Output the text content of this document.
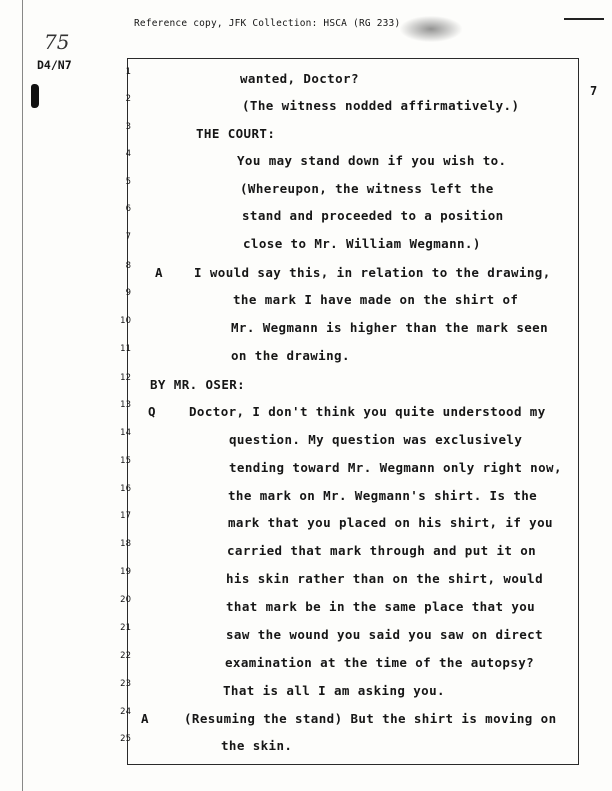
Reference copy, JFK Collection: HSCA (RG 233)
75
D4/N7
7
1	wanted, Doctor?
2	(The witness nodded affirmatively.)
3	THE COURT:
4	You may stand down if you wish to.
5	(Whereupon, the witness left the
6	stand and proceeded to a position
7	close to Mr. William Wegmann.)
8 A	I would say this, in relation to the drawing,
9	the mark I have made on the shirt of
10	Mr. Wegmann is higher than the mark seen
11	on the drawing.
12 BY MR. OSER:
13 Q	Doctor, I don't think you quite understood my
14	question. My question was exclusively
15	tending toward Mr. Wegmann only right now,
16	the mark on Mr. Wegmann's shirt. Is the
17	mark that you placed on his shirt, if you
18	carried that mark through and put it on
19	his skin rather than on the shirt, would
20	that mark be in the same place that you
21	saw the wound you said you saw on direct
22	examination at the time of the autopsy?
23	That is all I am asking you.
24 A	(Resuming the stand) But the shirt is moving on
25	the skin.
